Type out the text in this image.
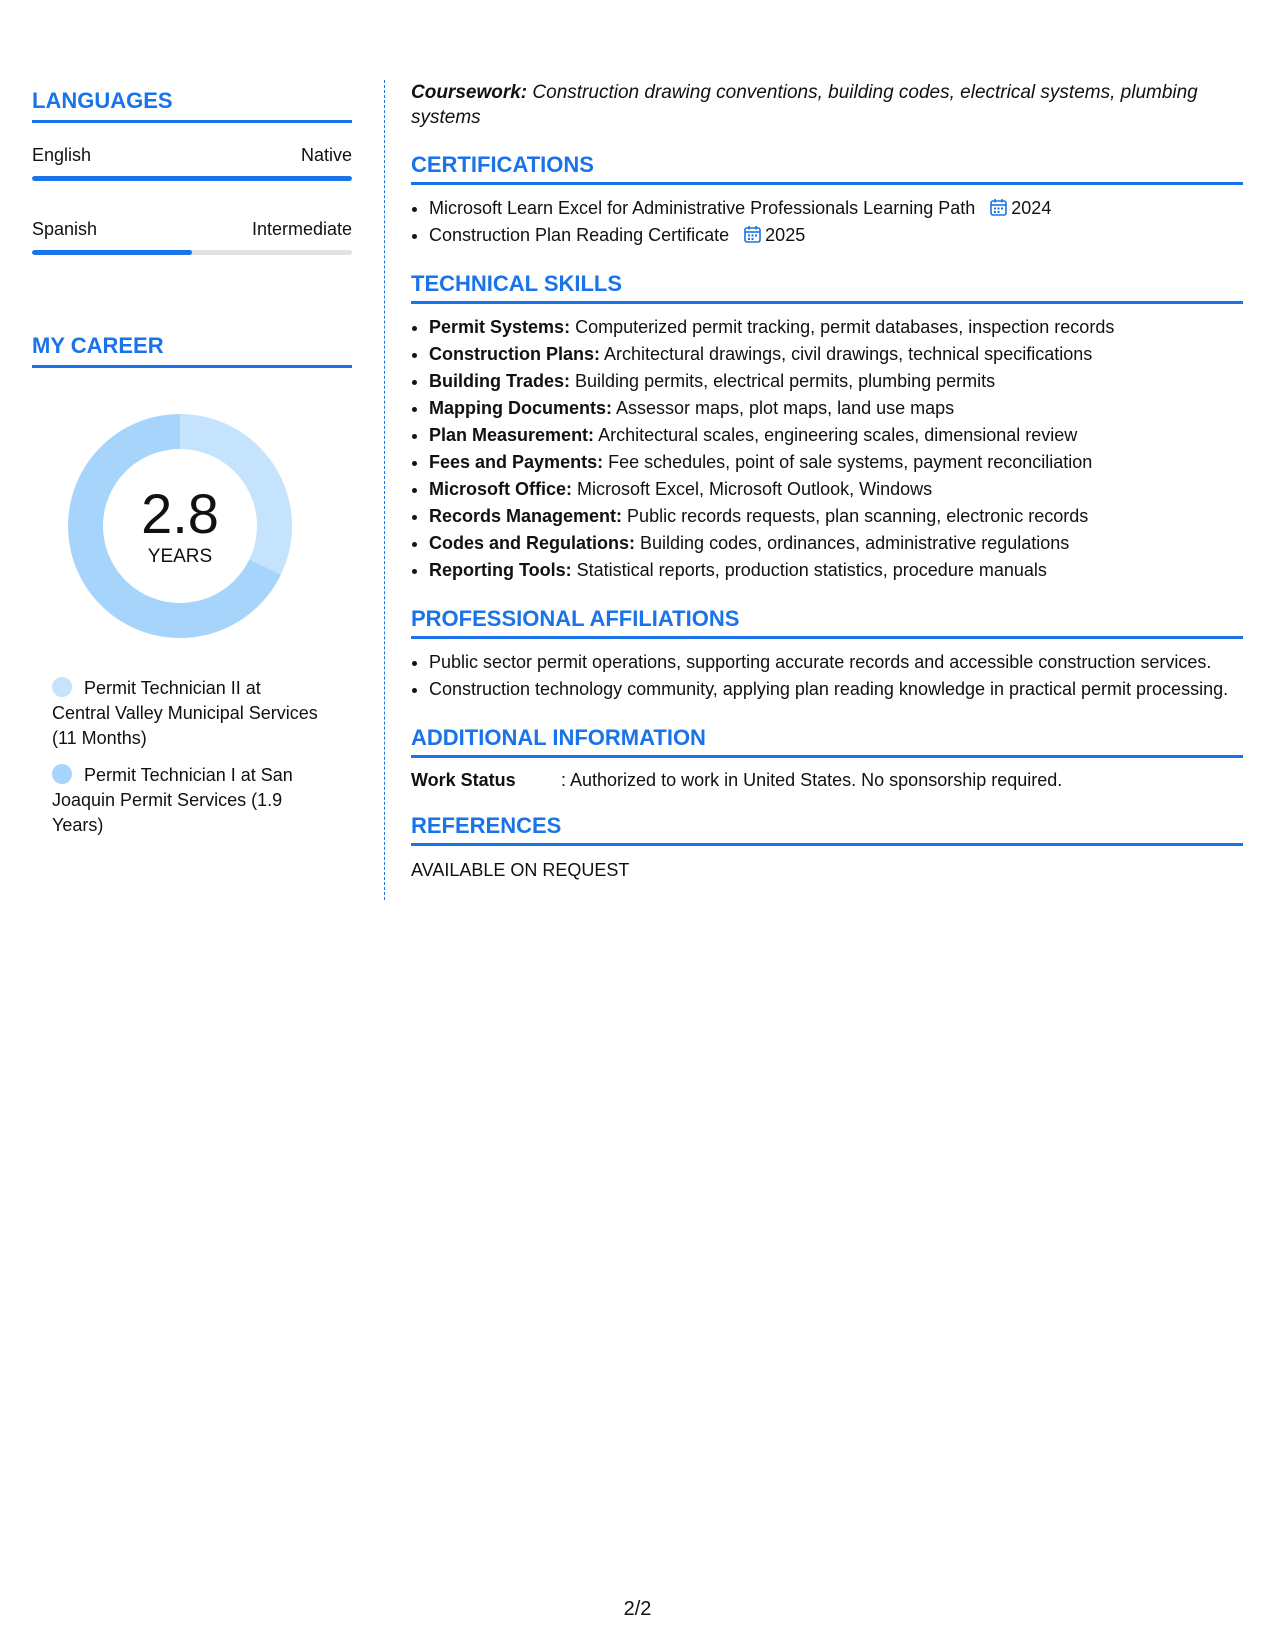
LANGUAGES
English	Native
Spanish	Intermediate
MY CAREER
2.8
YEARS
Permit Technician II at Central Valley Municipal Services (11 Months)
Permit Technician I at San Joaquin Permit Services (1.9 Years)

Coursework: Construction drawing conventions, building codes, electrical systems, plumbing systems

CERTIFICATIONS
• Microsoft Learn Excel for Administrative Professionals Learning Path 2024
• Construction Plan Reading Certificate 2025
TECHNICAL SKILLS
• Permit Systems: Computerized permit tracking, permit databases, inspection records
• Construction Plans: Architectural drawings, civil drawings, technical specifications
• Building Trades: Building permits, electrical permits, plumbing permits
• Mapping Documents: Assessor maps, plot maps, land use maps
• Plan Measurement: Architectural scales, engineering scales, dimensional review
• Fees and Payments: Fee schedules, point of sale systems, payment reconciliation
• Microsoft Office: Microsoft Excel, Microsoft Outlook, Windows
• Records Management: Public records requests, plan scanning, electronic records
• Codes and Regulations: Building codes, ordinances, administrative regulations
• Reporting Tools: Statistical reports, production statistics, procedure manuals
PROFESSIONAL AFFILIATIONS
• Public sector permit operations, supporting accurate records and accessible construction services.
• Construction technology community, applying plan reading knowledge in practical permit processing.
ADDITIONAL INFORMATION
Work Status	: Authorized to work in United States. No sponsorship required.
REFERENCES
AVAILABLE ON REQUEST
2/2
